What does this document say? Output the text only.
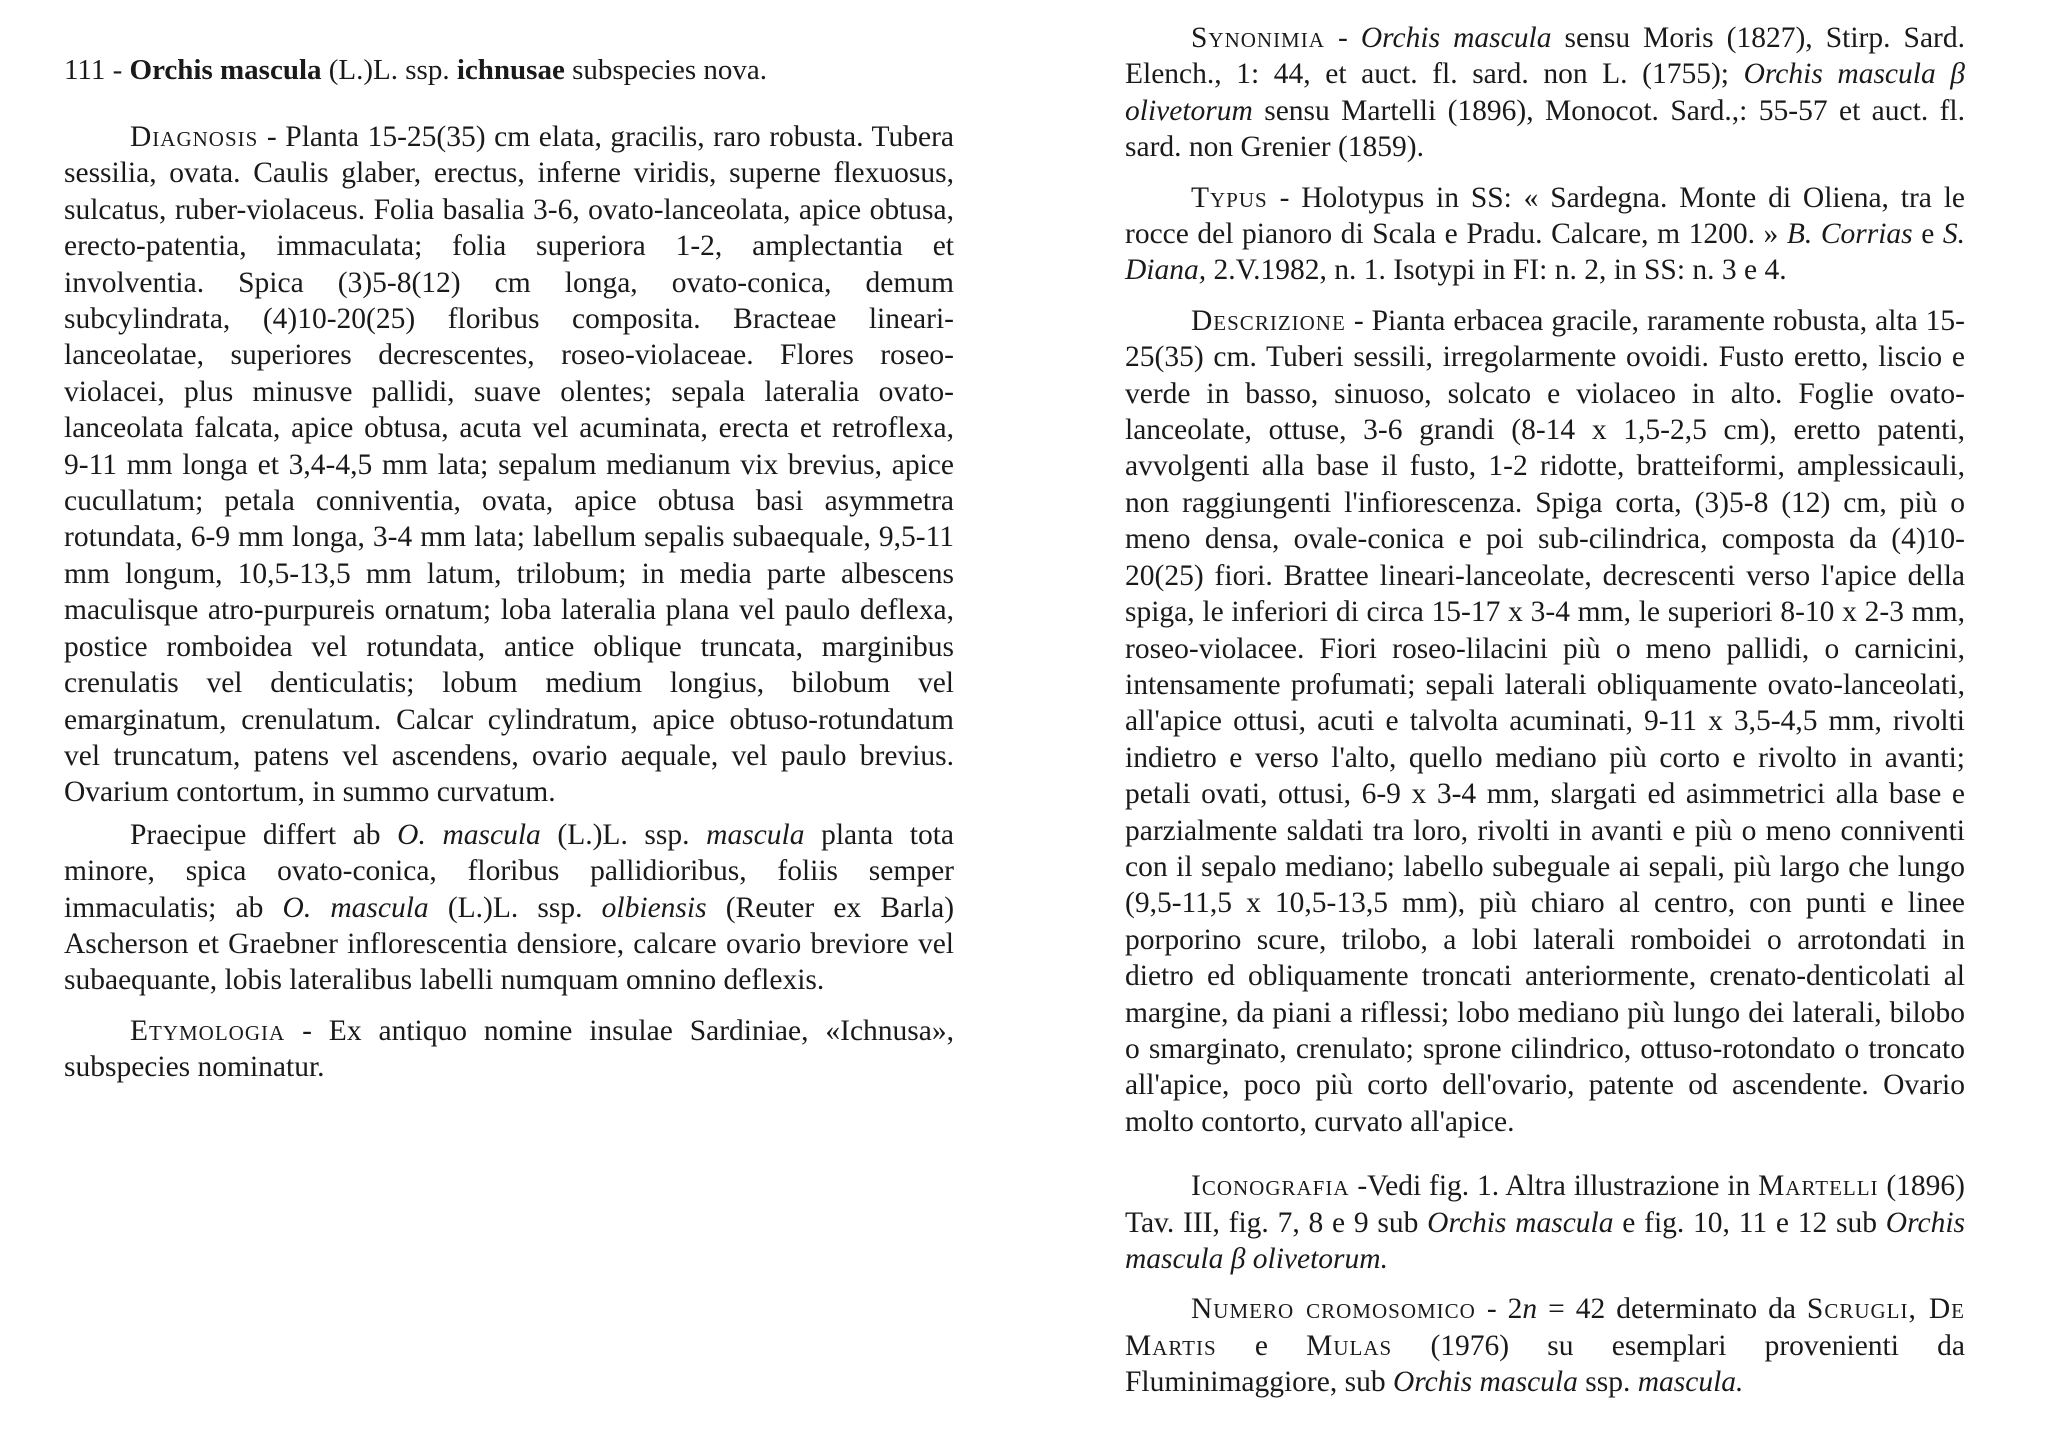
111 - Orchis mascula (L.)L. ssp. ichnusae subspecies nova.

Diagnosis - Planta 15-25(35) cm elata, gracilis, raro robusta. Tubera sessilia, ovata. Caulis glaber, erectus, inferne viridis, superne flexuosus, sulcatus, ruber-violaceus. Folia basalia 3-6, ovato-lanceolata, apice obtusa, erecto-patentia, immaculata; folia superiora 1-2, amplectantia et involventia. Spica (3)5-8(12) cm longa, ovato-conica, demum subcylindrata, (4)10-20(25) floribus composita. Bracteae lineari-lanceolatae, superiores decrescentes, roseo-violaceae. Flores roseo-violacei, plus minusve pallidi, suave olentes; sepala lateralia ovato-lanceolata falcata, apice obtusa, acuta vel acuminata, erecta et retroflexa, 9-11 mm longa et 3,4-4,5 mm lata; sepalum medianum vix brevius, apice cucullatum; petala conniventia, ovata, apice obtusa basi asymmetra rotundata, 6-9 mm longa, 3-4 mm lata; labellum sepalis subaequale, 9,5-11 mm longum, 10,5-13,5 mm latum, trilobum; in media parte albescens maculisque atro-purpureis ornatum; loba lateralia plana vel paulo deflexa, postice romboidea vel rotundata, antice oblique truncata, marginibus crenulatis vel denticulatis; lobum medium longius, bilobum vel emarginatum, crenulatum. Calcar cylindratum, apice obtuso-rotundatum vel truncatum, patens vel ascendens, ovario aequale, vel paulo brevius. Ovarium contortum, in summo curvatum.

Praecipue differt ab O. mascula (L.)L. ssp. mascula planta tota minore, spica ovato-conica, floribus pallidioribus, foliis semper immaculatis; ab O. mascula (L.)L. ssp. olbiensis (Reuter ex Barla) Ascherson et Graebner inflorescentia densiore, calcare ovario breviore vel subaequante, lobis lateralibus labelli numquam omnino deflexis.

Etymologia - Ex antiquo nomine insulae Sardiniae, «Ichnusa», subspecies nominatur.

Synonimia - Orchis mascula sensu Moris (1827), Stirp. Sard. Elench., 1: 44, et auct. fl. sard. non L. (1755); Orchis mascula β olivetorum sensu Martelli (1896), Monocot. Sard.,: 55-57 et auct. fl. sard. non Grenier (1859).

Typus - Holotypus in SS: « Sardegna. Monte di Oliena, tra le rocce del pianoro di Scala e Pradu. Calcare, m 1200. » B. Corrias e S. Diana, 2.V.1982, n. 1. Isotypi in FI: n. 2, in SS: n. 3 e 4.

Descrizione - Pianta erbacea gracile, raramente robusta, alta 15-25(35) cm. Tuberi sessili, irregolarmente ovoidi. Fusto eretto, liscio e verde in basso, sinuoso, solcato e violaceo in alto. Foglie ovato-lanceolate, ottuse, 3-6 grandi (8-14 x 1,5-2,5 cm), eretto patenti, avvolgenti alla base il fusto, 1-2 ridotte, bratteiformi, amplessicauli, non raggiungenti l'infiorescenza. Spiga corta, (3)5-8 (12) cm, più o meno densa, ovale-conica e poi sub-cilindrica, composta da (4)10-20(25) fiori. Brattee lineari-lanceolate, decrescenti verso l'apice della spiga, le inferiori di circa 15-17 x 3-4 mm, le superiori 8-10 x 2-3 mm, roseo-violacee. Fiori roseo-lilacini più o meno pallidi, o carnicini, intensamente profumati; sepali laterali obliquamente ovato-lanceolati, all'apice ottusi, acuti e talvolta acuminati, 9-11 x 3,5-4,5 mm, rivolti indietro e verso l'alto, quello mediano più corto e rivolto in avanti; petali ovati, ottusi, 6-9 x 3-4 mm, slargati ed asimmetrici alla base e parzialmente saldati tra loro, rivolti in avanti e più o meno conniventi con il sepalo mediano; labello subeguale ai sepali, più largo che lungo (9,5-11,5 x 10,5-13,5 mm), più chiaro al centro, con punti e linee porporino scure, trilobo, a lobi laterali romboidei o arrotondati in dietro ed obliquamente troncati anteriormente, crenato-denticolati al margine, da piani a riflessi; lobo mediano più lungo dei laterali, bilobo o smarginato, crenulato; sprone cilindrico, ottuso-rotondato o troncato all'apice, poco più corto dell'ovario, patente od ascendente. Ovario molto contorto, curvato all'apice.

Iconografia -Vedi fig. 1. Altra illustrazione in Martelli (1896) Tav. III, fig. 7, 8 e 9 sub Orchis mascula e fig. 10, 11 e 12 sub Orchis mascula β olivetorum.

Numero cromosomico - 2n = 42 determinato da Scrugli, De Martis e Mulas (1976) su esemplari provenienti da Fluminimaggiore, sub Orchis mascula ssp. mascula.
